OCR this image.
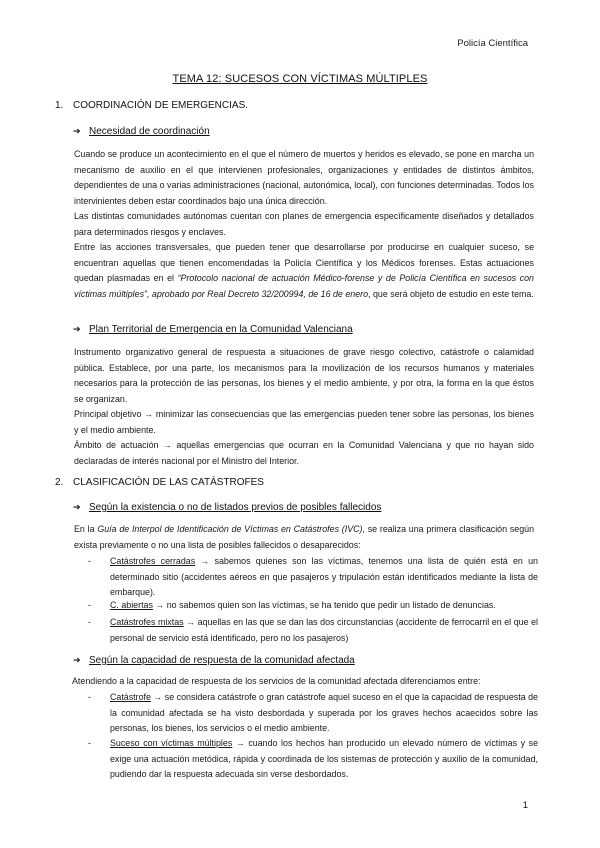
Policía Científica
TEMA 12: SUCESOS CON VÍCTIMAS MÚLTIPLES
1. COORDINACIÓN DE EMERGENCIAS.
➔ Necesidad de coordinación
Cuando se produce un acontecimiento en el que el número de muertos y heridos es elevado, se pone en marcha un mecanismo de auxilio en el que intervienen profesionales, organizaciones y entidades de distintos ámbitos, dependientes de una o varias administraciones (nacional, autonómica, local), con funciones determinadas. Todos los intervinientes deben estar coordinados bajo una única dirección.
Las distintas comunidades autónomas cuentan con planes de emergencia específicamente diseñados y detallados para determinados riesgos y enclaves.
Entre las acciones transversales, que pueden tener que desarrollarse por producirse en cualquier suceso, se encuentran aquellas que tienen encomendadas la Policía Científica y los Médicos forenses. Estas actuaciones quedan plasmadas en el “Protocolo nacional de actuación Médico-forense y de Policía Científica en sucesos con víctimas múltiples”, aprobado por Real Decreto 32/200994, de 16 de enero, que será objeto de estudio en este tema.
➔ Plan Territorial de Emergencia en la Comunidad Valenciana
Instrumento organizativo general de respuesta a situaciones de grave riesgo colectivo, catástrofe o calamidad pública. Establece, por una parte, los mecanismos para la movilización de los recursos humanos y materiales necesarios para la protección de las personas, los bienes y el medio ambiente, y por otra, la forma en la que éstos se organizan.
Principal objetivo → minimizar las consecuencias que las emergencias pueden tener sobre las personas, los bienes y el medio ambiente.
Ámbito de actuación → aquellas emergencias que ocurran en la Comunidad Valenciana y que no hayan sido declaradas de interés nacional por el Ministro del Interior.
2. CLASIFICACIÓN DE LAS CATÁSTROFES
➔ Según la existencia o no de listados previos de posibles fallecidos
En la Guía de Interpol de Identificación de Víctimas en Catástrofes (IVC), se realiza una primera clasificación según exista previamente o no una lista de posibles fallecidos o desaparecidos:
- Catástrofes cerradas → sabemos quienes son las víctimas, tenemos una lista de quién está en un determinado sitio (accidentes aéreos en que pasajeros y tripulación están identificados mediante la lista de embarque).
- C. abiertas → no sabemos quien son las víctimas, se ha tenido que pedir un listado de denuncias.
- Catástrofes mixtas → aquellas en las que se dan las dos circunstancias (accidente de ferrocarril en el que el personal de servicio está identificado, pero no los pasajeros)
➔ Según la capacidad de respuesta de la comunidad afectada
Atendiendo a la capacidad de respuesta de los servicios de la comunidad afectada diferenciamos entre:
- Catástrofe → se considera catástrofe o gran catástrofe aquel suceso en el que la capacidad de respuesta de la comunidad afectada se ha visto desbordada y superada por los graves hechos acaecidos sobre las personas, los bienes, los servicios o el medio ambiente.
- Suceso con víctimas múltiples → cuando los hechos han producido un elevado número de víctimas y se exige una actuación metódica, rápida y coordinada de los sistemas de protección y auxilio de la comunidad, pudiendo dar la respuesta adecuada sin verse desbordados.
1
